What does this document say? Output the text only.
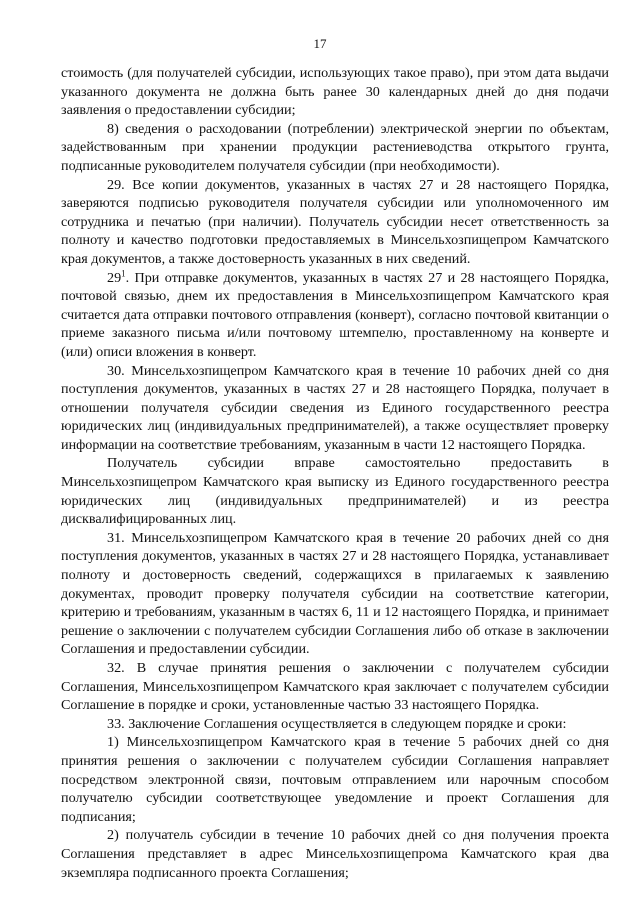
17

стоимость (для получателей субсидии, использующих такое право), при этом дата выдачи указанного документа не должна быть ранее 30 календарных дней до дня подачи заявления о предоставлении субсидии;

8) сведения о расходовании (потреблении) электрической энергии по объектам, задействованным при хранении продукции растениеводства открытого грунта, подписанные руководителем получателя субсидии (при необходимости).

29. Все копии документов, указанных в частях 27 и 28 настоящего Порядка, заверяются подписью руководителя получателя субсидии или уполномоченного им сотрудника и печатью (при наличии). Получатель субсидии несет ответственность за полноту и качество подготовки предоставляемых в Минсельхозпищепром Камчатского края документов, а также достоверность указанных в них сведений.

$29^1$. При отправке документов, указанных в частях 27 и 28 настоящего Порядка, почтовой связью, днем их предоставления в Минсельхозпищепром Камчатского края считается дата отправки почтового отправления (конверт), согласно почтовой квитанции о приеме заказного письма и/или почтовому штемпелю, проставленному на конверте и (или) описи вложения в конверт.

30. Минсельхозпищепром Камчатского края в течение 10 рабочих дней со дня поступления документов, указанных в частях 27 и 28 настоящего Порядка, получает в отношении получателя субсидии сведения из Единого государственного реестра юридических лиц (индивидуальных предпринимателей), а также осуществляет проверку информации на соответствие требованиям, указанным в части 12 настоящего Порядка.

Получатель субсидии вправе самостоятельно предоставить в Минсельхозпищепром Камчатского края выписку из Единого государственного реестра юридических лиц (индивидуальных предпринимателей) и из реестра дисквалифицированных лиц.

31. Минсельхозпищепром Камчатского края в течение 20 рабочих дней со дня поступления документов, указанных в частях 27 и 28 настоящего Порядка, устанавливает полноту и достоверность сведений, содержащихся в прилагаемых к заявлению документах, проводит проверку получателя субсидии на соответствие категории, критерию и требованиям, указанным в частях 6, 11 и 12 настоящего Порядка, и принимает решение о заключении с получателем субсидии Соглашения либо об отказе в заключении Соглашения и предоставлении субсидии.

32. В случае принятия решения о заключении с получателем субсидии Соглашения, Минсельхозпищепром Камчатского края заключает с получателем субсидии Соглашение в порядке и сроки, установленные частью 33 настоящего Порядка.

33. Заключение Соглашения осуществляется в следующем порядке и сроки:

1) Минсельхозпищепром Камчатского края в течение 5 рабочих дней со дня принятия решения о заключении с получателем субсидии Соглашения направляет посредством электронной связи, почтовым отправлением или нарочным способом получателю субсидии соответствующее уведомление и проект Соглашения для подписания;

2) получатель субсидии в течение 10 рабочих дней со дня получения проекта Соглашения представляет в адрес Минсельхозпищепрома Камчатского края два экземпляра подписанного проекта Соглашения;
